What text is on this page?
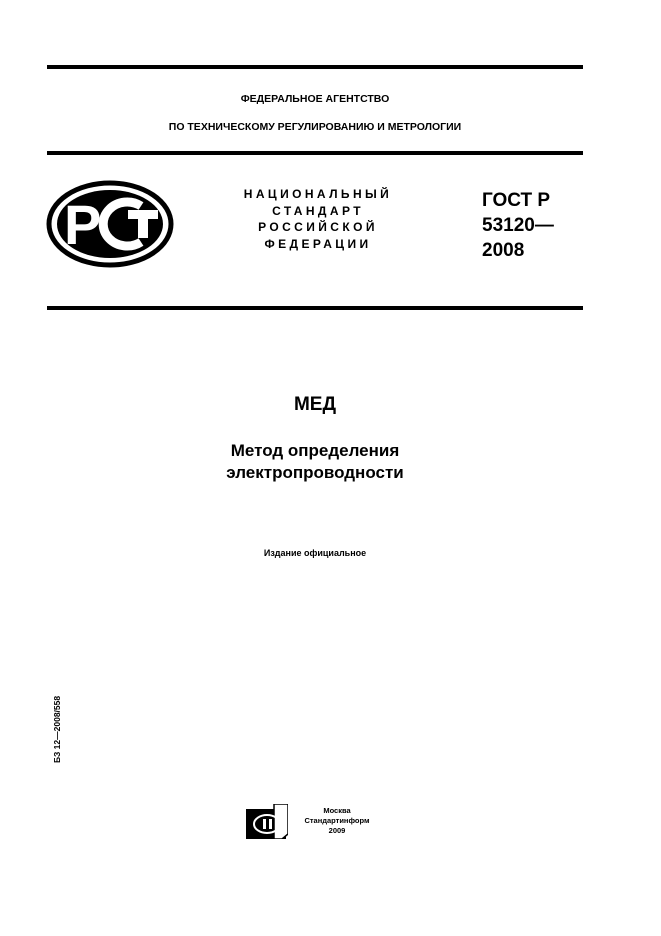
ФЕДЕРАЛЬНОЕ АГЕНТСТВО
ПО ТЕХНИЧЕСКОМУ РЕГУЛИРОВАНИЮ И МЕТРОЛОГИИ
Р	НАЦИОНАЛЬНЫЙ
СТАНДАРТ
РОССИЙСКОЙ
ФЕДЕРАЦИИ
ГОСТ Р
53120—
2008
МЕД
Метод определения
электропроводности
Издание официальное
БЗ 12—2008/558
Москва
Стандартинформ
2009
